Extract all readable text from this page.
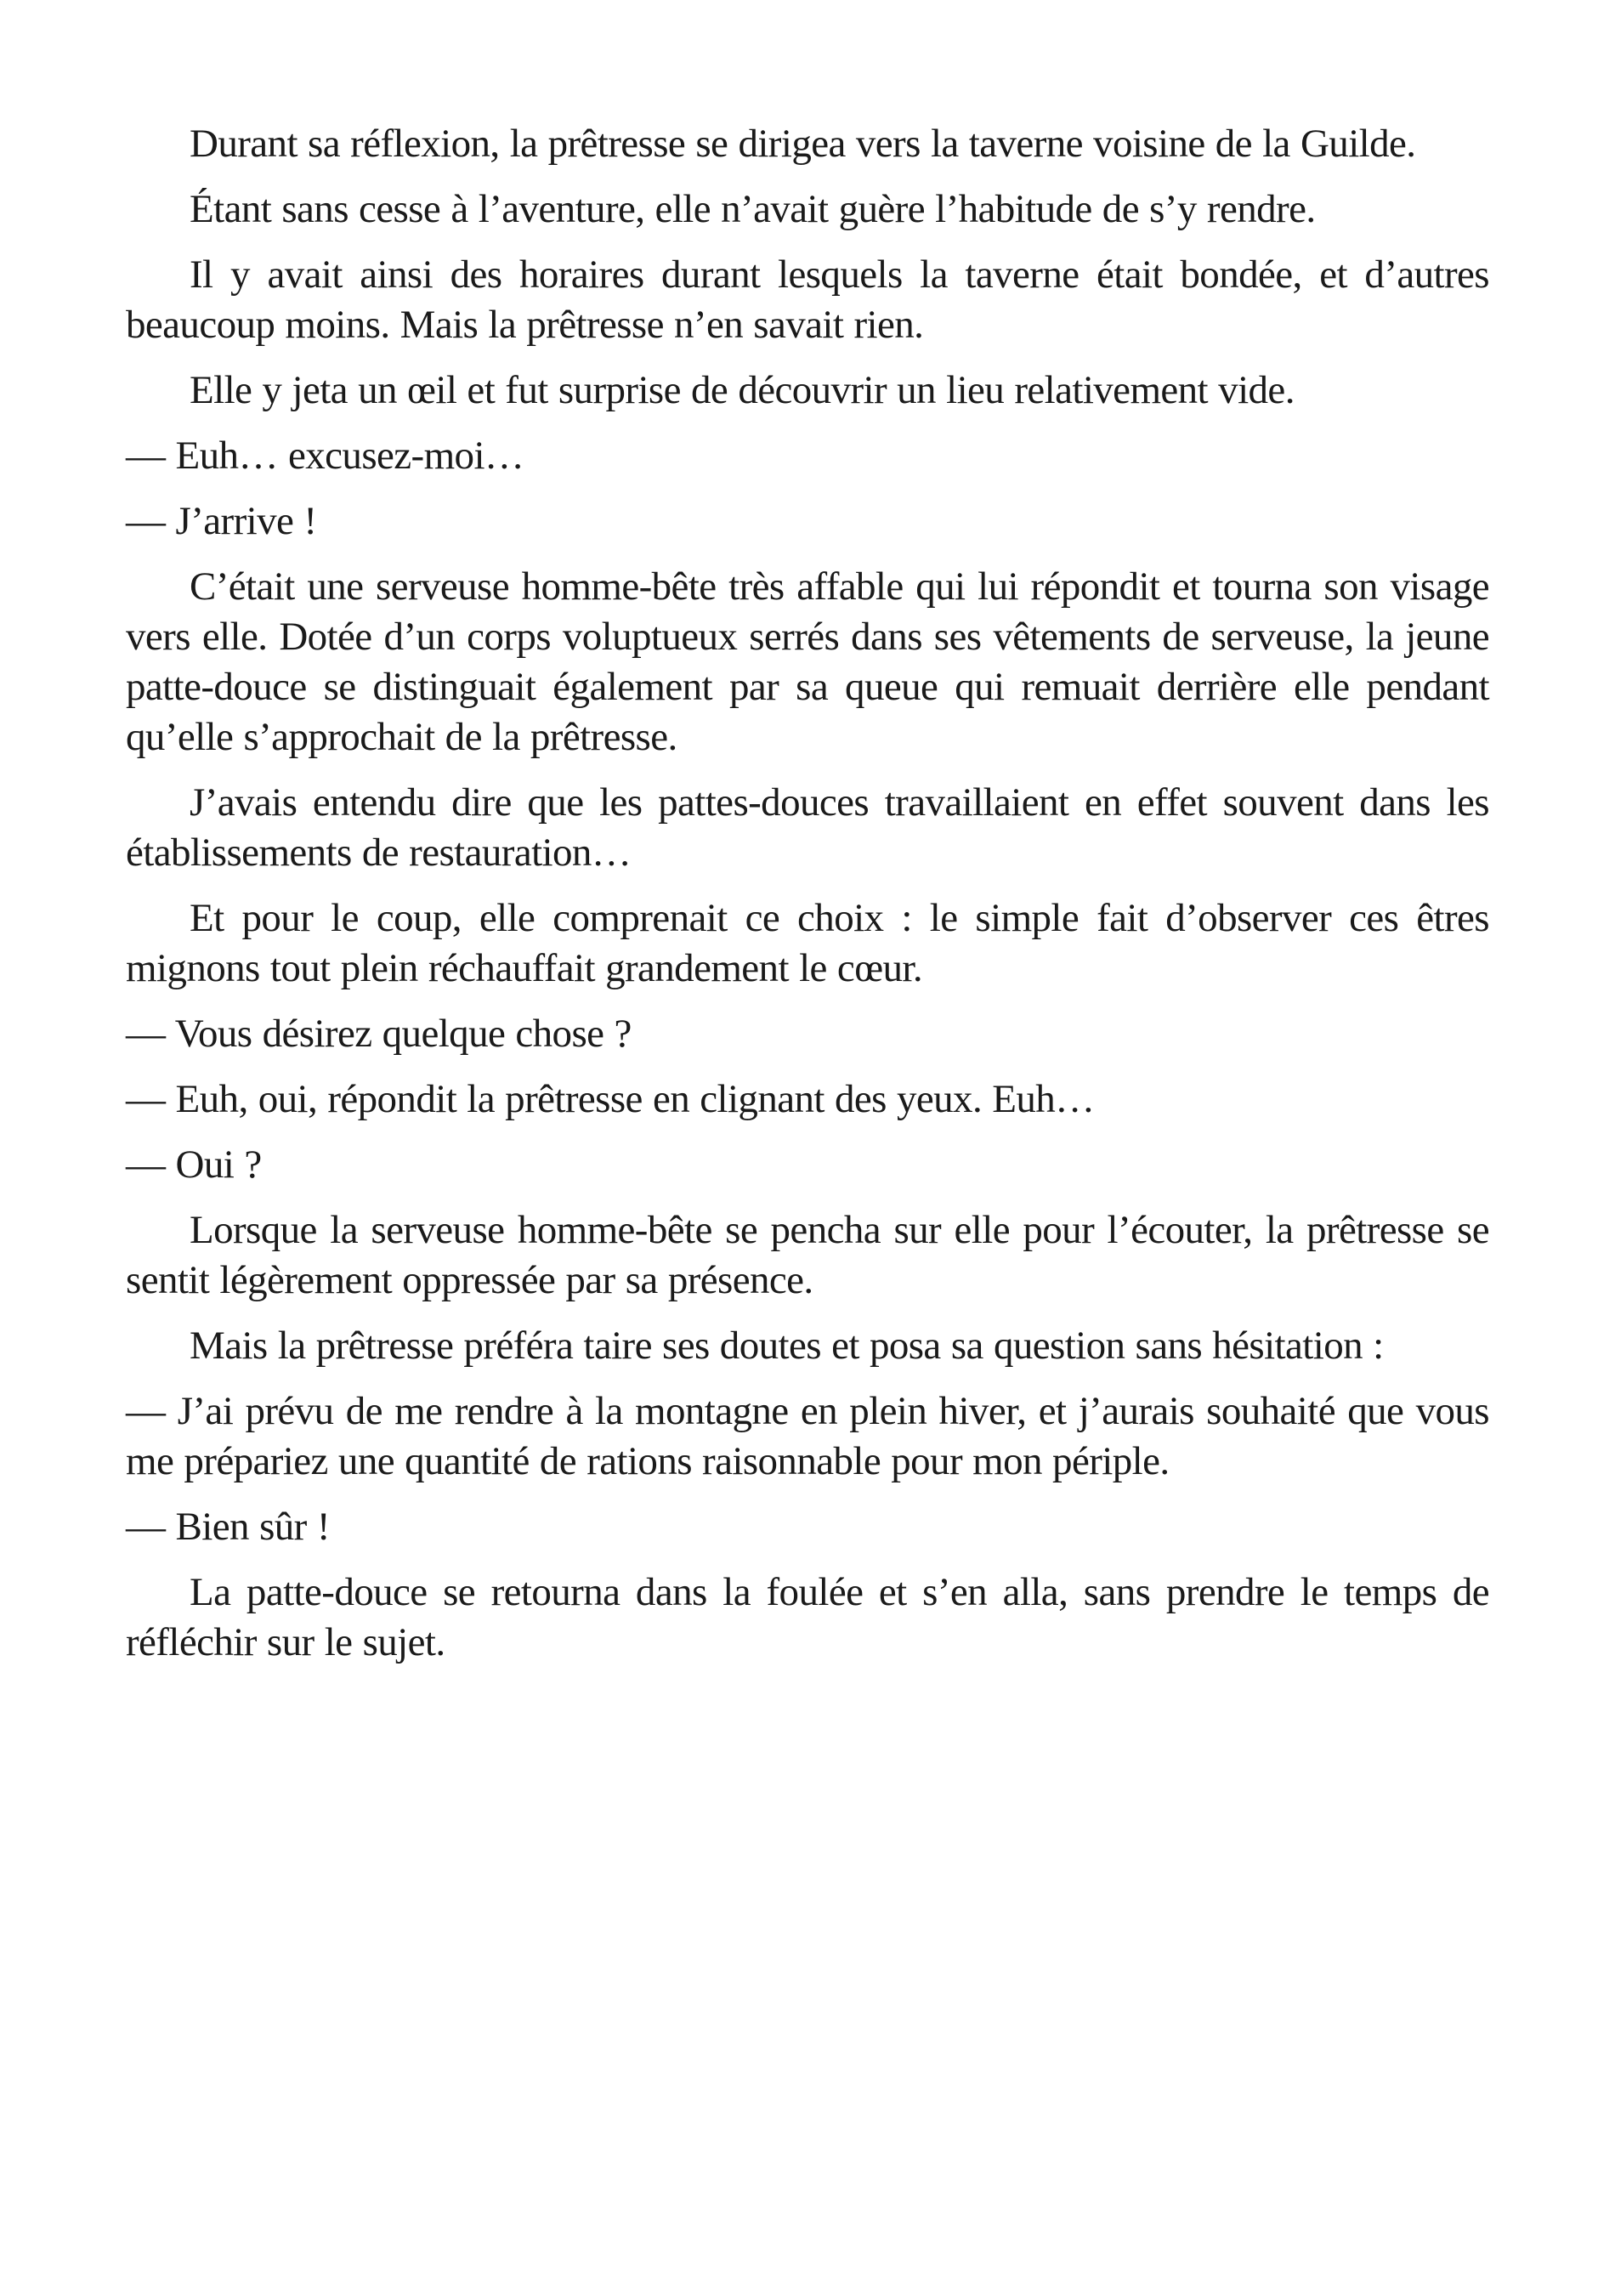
Durant sa réflexion, la prêtresse se dirigea vers la taverne voisine de la Guilde.

Étant sans cesse à l’aventure, elle n’avait guère l’habitude de s’y rendre.

Il y avait ainsi des horaires durant lesquels la taverne était bondée, et d’autres beaucoup moins. Mais la prêtresse n’en savait rien.

Elle y jeta un œil et fut surprise de découvrir un lieu relativement vide.

— Euh… excusez-moi…

— J’arrive !

C’était une serveuse homme-bête très affable qui lui répondit et tourna son visage vers elle. Dotée d’un corps voluptueux serrés dans ses vêtements de serveuse, la jeune patte-douce se distinguait également par sa queue qui remuait derrière elle pendant qu’elle s’approchait de la prêtresse.

J’avais entendu dire que les pattes-douces travaillaient en effet souvent dans les établissements de restauration…

Et pour le coup, elle comprenait ce choix : le simple fait d’observer ces êtres mignons tout plein réchauffait grandement le cœur.

— Vous désirez quelque chose ?

— Euh, oui, répondit la prêtresse en clignant des yeux. Euh…

— Oui ?

Lorsque la serveuse homme-bête se pencha sur elle pour l’écouter, la prêtresse se sentit légèrement oppressée par sa présence.

Mais la prêtresse préféra taire ses doutes et posa sa question sans hésitation :

— J’ai prévu de me rendre à la montagne en plein hiver, et j’aurais souhaité que vous me prépariez une quantité de rations raisonnable pour mon périple.

— Bien sûr !

La patte-douce se retourna dans la foulée et s’en alla, sans prendre le temps de réfléchir sur le sujet.
